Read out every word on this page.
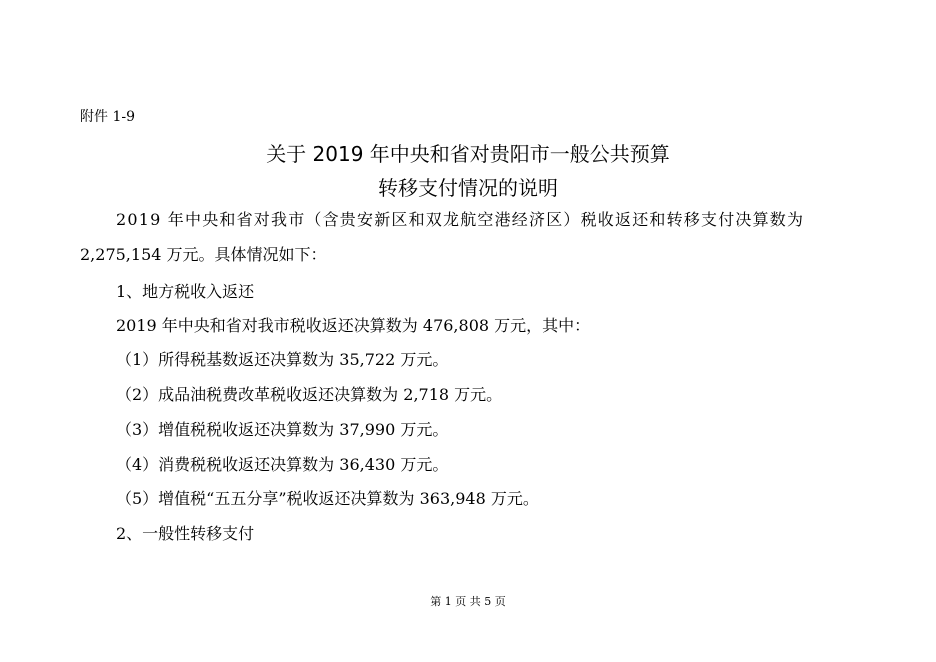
附件 1-9
关于 2019 年中央和省对贵阳市一般公共预算
转移支付情况的说明
2019 年中央和省对我市（含贵安新区和双龙航空港经济区）税收返还和转移支付决算数为
2,275,154 万元。具体情况如下：
1、地方税收入返还
2019 年中央和省对我市税收返还决算数为 476,808 万元，其中：
（1）所得税基数返还决算数为 35,722 万元。
（2）成品油税费改革税收返还决算数为 2,718 万元。
（3）增值税税收返还决算数为 37,990 万元。
（4）消费税税收返还决算数为 36,430 万元。
（5）增值税“五五分享”税收返还决算数为 363,948 万元。
2、一般性转移支付
第 1 页 共 5 页
